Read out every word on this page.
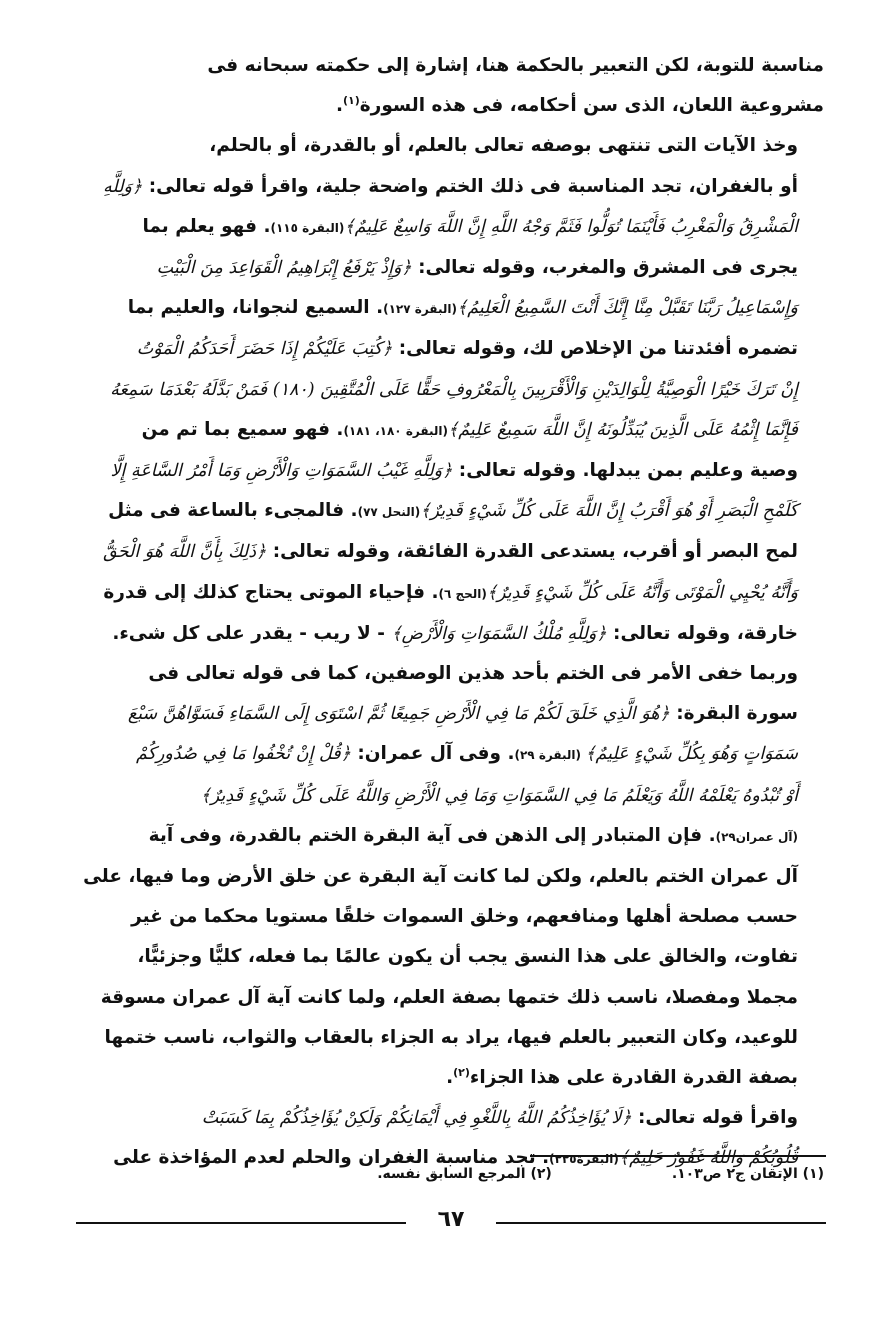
مناسبة للتوبة، لكن التعبير بالحكمة هنا، إشارة إلى حكمته سبحانه فى
مشروعية اللعان، الذى سن أحكامه، فى هذه السورة$^{(١)}$.

وخذ الآيات التى تنتهى بوصفه تعالى بالعلم، أو بالقدرة، أو بالحلم،
أو بالغفران، تجد المناسبة فى ذلك الختم واضحة جلية، واقرأ قوله تعالى: ﴿وَلِلَّهِ
الْمَشْرِقُ وَالْمَغْرِبُ فَأَيْنَمَا تُوَلُّوا فَثَمَّ وَجْهُ اللَّهِ إِنَّ اللَّهَ وَاسِعٌ عَلِيمٌ﴾(البقرة ١١٥). فهو يعلم بما
يجرى فى المشرق والمغرب، وقوله تعالى: ﴿وَإِذْ يَرْفَعُ إِبْرَاهِيمُ الْقَوَاعِدَ مِنَ الْبَيْتِ
وَإِسْمَاعِيلُ رَبَّنَا تَقَبَّلْ مِنَّا إِنَّكَ أَنْتَ السَّمِيعُ الْعَلِيمُ﴾(البقرة ١٢٧). السميع لنجوانا، والعليم بما
تضمره أفئدتنا من الإخلاص لك، وقوله تعالى: ﴿كُتِبَ عَلَيْكُمْ إِذَا حَضَرَ أَحَدَكُمُ الْمَوْتُ
إِنْ تَرَكَ خَيْرًا الْوَصِيَّةُ لِلْوَالِدَيْنِ وَالْأَقْرَبِينَ بِالْمَعْرُوفِ حَقًّا عَلَى الْمُتَّقِينَ (١٨٠) فَمَنْ بَدَّلَهُ بَعْدَمَا سَمِعَهُ
فَإِنَّمَا إِثْمُهُ عَلَى الَّذِينَ يُبَدِّلُونَهُ إِنَّ اللَّهَ سَمِيعٌ عَلِيمٌ﴾(البقرة ١٨٠، ١٨١). فهو سميع بما تم من
وصية وعليم بمن يبدلها. وقوله تعالى: ﴿وَلِلَّهِ غَيْبُ السَّمَوَاتِ وَالْأَرْضِ وَمَا أَمْرُ السَّاعَةِ إِلَّا
كَلَمْحِ الْبَصَرِ أَوْ هُوَ أَقْرَبُ إِنَّ اللَّهَ عَلَى كُلِّ شَيْءٍ قَدِيرٌ﴾(النحل ٧٧). فالمجىء بالساعة فى مثل
لمح البصر أو أقرب، يستدعى القدرة الفائقة، وقوله تعالى: ﴿ذَلِكَ بِأَنَّ اللَّهَ هُوَ الْحَقُّ
وَأَنَّهُ يُحْيِي الْمَوْتَى وَأَنَّهُ عَلَى كُلِّ شَيْءٍ قَدِيرٌ﴾(الحج ٦). فإحياء الموتى يحتاج كذلك إلى قدرة
خارقة، وقوله تعالى: ﴿وَلِلَّهِ مُلْكُ السَّمَوَاتِ وَالْأَرْضِ﴾ - لا ريب - يقدر على كل شىء.

وربما خفى الأمر فى الختم بأحد هذين الوصفين، كما فى قوله تعالى فى
سورة البقرة: ﴿هُوَ الَّذِي خَلَقَ لَكُمْ مَا فِي الْأَرْضِ جَمِيعًا ثُمَّ اسْتَوَى إِلَى السَّمَاءِ فَسَوَّاهُنَّ سَبْعَ
سَمَوَاتٍ وَهُوَ بِكُلِّ شَيْءٍ عَلِيمٌ﴾ (البقرة ٢٩). وفى آل عمران: ﴿قُلْ إِنْ تُخْفُوا مَا فِي صُدُورِكُمْ
أَوْ تُبْدُوهُ يَعْلَمْهُ اللَّهُ وَيَعْلَمُ مَا فِي السَّمَوَاتِ وَمَا فِي الْأَرْضِ وَاللَّهُ عَلَى كُلِّ شَيْءٍ قَدِيرٌ﴾
(آل عمران٢٩). فإن المتبادر إلى الذهن فى آية البقرة الختم بالقدرة، وفى آية
آل عمران الختم بالعلم، ولكن لما كانت آية البقرة عن خلق الأرض وما فيها، على
حسب مصلحة أهلها ومنافعهم، وخلق السموات خلقًا مستويا محكما من غير
تفاوت، والخالق على هذا النسق يجب أن يكون عالمًا بما فعله، كليًّا وجزئيًّا،
مجملا ومفصلا، ناسب ذلك ختمها بصفة العلم، ولما كانت آية آل عمران مسوقة
للوعيد، وكان التعبير بالعلم فيها، يراد به الجزاء بالعقاب والثواب، ناسب ختمها
بصفة القدرة القادرة على هذا الجزاء$^{(٢)}$.

واقرأ قوله تعالى: ﴿لَا يُؤَاخِذُكُمُ اللَّهُ بِاللَّغْوِ فِي أَيْمَانِكُمْ وَلَكِنْ يُؤَاخِذُكُمْ بِمَا كَسَبَتْ
قُلُوبُكُمْ وَاللَّهُ غَفُورٌ حَلِيمٌ﴾(البقرة٢٢٥). تجد مناسبة الغفران والحلم لعدم المؤاخذة على

(١) الإتقان ج٢ ص١٠٣.
(٢) المرجع السابق نفسه.
٦٧
